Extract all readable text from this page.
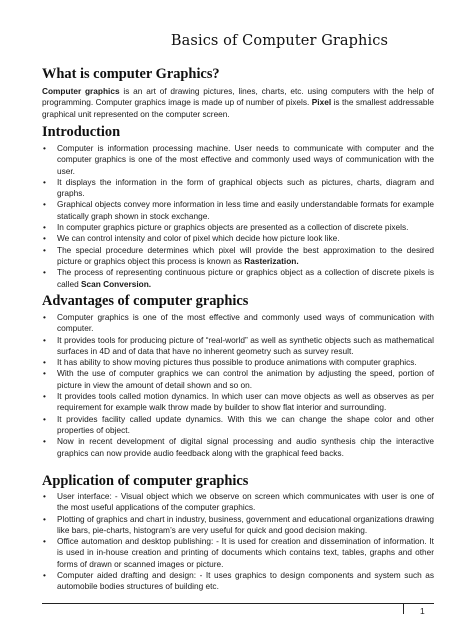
Basics of Computer Graphics
What is computer Graphics?

Computer graphics is an art of drawing pictures, lines, charts, etc. using computers with the help of programming. Computer graphics image is made up of number of pixels. Pixel is the smallest addressable graphical unit represented on the computer screen.

Introduction
• Computer is information processing machine. User needs to communicate with computer and the computer graphics is one of the most effective and commonly used ways of communication with the user.
• It displays the information in the form of graphical objects such as pictures, charts, diagram and graphs.
• Graphical objects convey more information in less time and easily understandable formats for example statically graph shown in stock exchange.
• In computer graphics picture or graphics objects are presented as a collection of discrete pixels.
• We can control intensity and color of pixel which decide how picture look like.
• The special procedure determines which pixel will provide the best approximation to the desired picture or graphics object this process is known as Rasterization.
• The process of representing continuous picture or graphics object as a collection of discrete pixels is called Scan Conversion.
Advantages of computer graphics
• Computer graphics is one of the most effective and commonly used ways of communication with computer.
• It provides tools for producing picture of “real-world” as well as synthetic objects such as mathematical surfaces in 4D and of data that have no inherent geometry such as survey result.
• It has ability to show moving pictures thus possible to produce animations with computer graphics.
• With the use of computer graphics we can control the animation by adjusting the speed, portion of picture in view the amount of detail shown and so on.
• It provides tools called motion dynamics. In which user can move objects as well as observes as per requirement for example walk throw made by builder to show flat interior and surrounding.
• It provides facility called update dynamics. With this we can change the shape color and other properties of object.
• Now in recent development of digital signal processing and audio synthesis chip the interactive graphics can now provide audio feedback along with the graphical feed backs.
Application of computer graphics
• User interface: - Visual object which we observe on screen which communicates with user is one of the most useful applications of the computer graphics.
• Plotting of graphics and chart in industry, business, government and educational organizations drawing like bars, pie-charts, histogram’s are very useful for quick and good decision making.
• Office automation and desktop publishing: - It is used for creation and dissemination of information. It is used in in-house creation and printing of documents which contains text, tables, graphs and other forms of drawn or scanned images or picture.
• Computer aided drafting and design: - It uses graphics to design components and system such as automobile bodies structures of building etc.
1
